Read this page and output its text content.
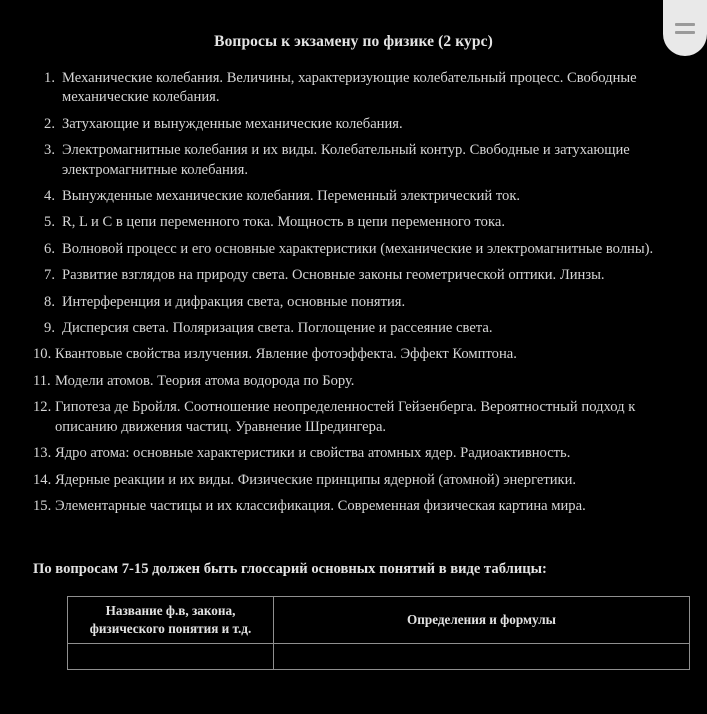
Вопросы к экзамену по физике (2 курс)
1. Механические колебания. Величины, характеризующие колебательный процесс. Свободные механические колебания.
2. Затухающие и вынужденные механические колебания.
3. Электромагнитные колебания и их виды. Колебательный контур. Свободные и затухающие электромагнитные колебания.
4. Вынужденные механические колебания. Переменный электрический ток.
5. R, L и C в цепи переменного тока. Мощность в цепи переменного тока.
6. Волновой процесс и его основные характеристики (механические и электромагнитные волны).
7. Развитие взглядов на природу света. Основные законы геометрической оптики. Линзы.
8. Интерференция и дифракция света, основные понятия.
9. Дисперсия света. Поляризация света. Поглощение и рассеяние света.
10. Квантовые свойства излучения. Явление фотоэффекта. Эффект Комптона.
11. Модели атомов. Теория атома водорода по Бору.
12. Гипотеза де Бройля. Соотношение неопределенностей Гейзенберга. Вероятностный подход к описанию движения частиц. Уравнение Шредингера.
13. Ядро атома: основные характеристики и свойства атомных ядер. Радиоактивность.
14. Ядерные реакции и их виды. Физические принципы ядерной (атомной) энергетики.
15. Элементарные частицы и их классификация. Современная физическая картина мира.
По вопросам 7-15 должен быть глоссарий основных понятий в виде таблицы:
Название ф.в, закона, физического понятия и т.д.	Определения и формулы
